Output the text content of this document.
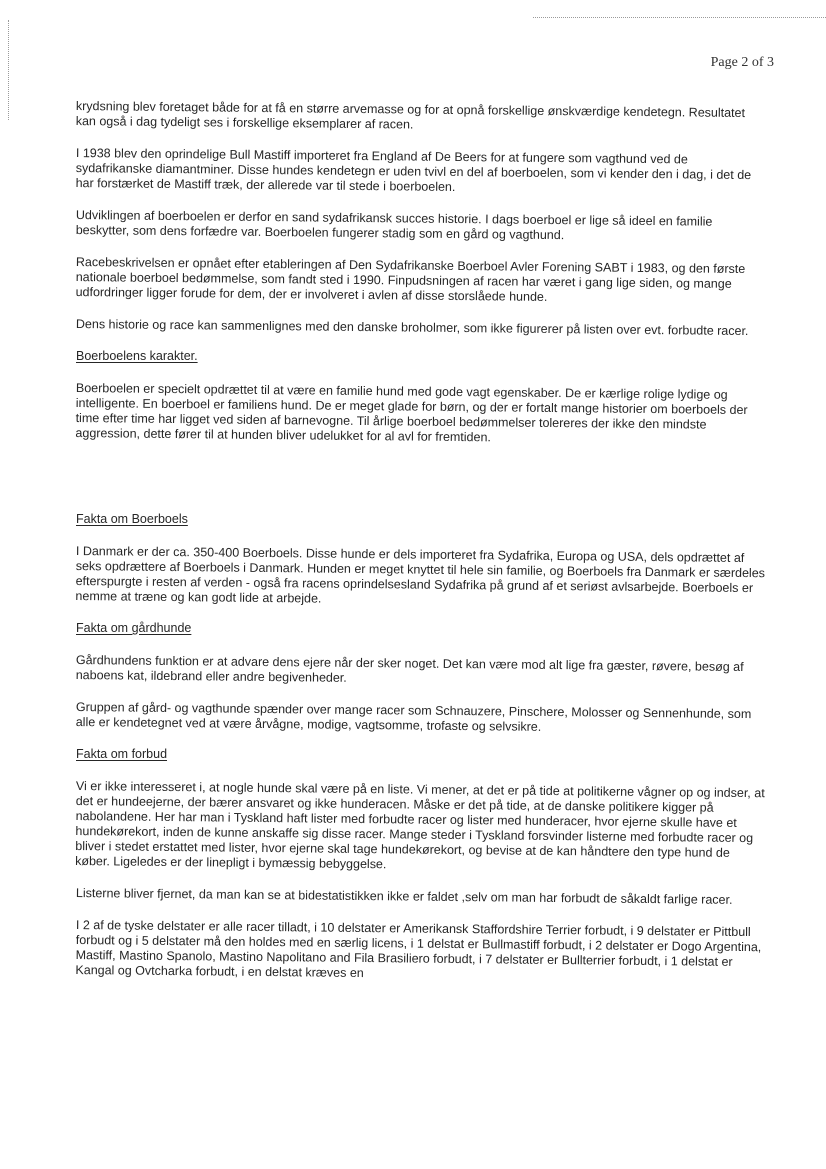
Page 2 of 3

krydsning blev foretaget både for at få en større arvemasse og for at opnå forskellige ønskværdige kendetegn. Resultatet kan også i dag tydeligt ses i forskellige eksemplarer af racen.

I 1938 blev den oprindelige Bull Mastiff importeret fra England af De Beers for at fungere som vagthund ved de sydafrikanske diamantminer. Disse hundes kendetegn er uden tvivl en del af boerboelen, som vi kender den i dag, i det de har forstærket de Mastiff træk, der allerede var til stede i boerboelen.

Udviklingen af boerboelen er derfor en sand sydafrikansk succes historie. I dags boerboel er lige så ideel en familie beskytter, som dens forfædre var. Boerboelen fungerer stadig som en gård og vagthund.

Racebeskrivelsen er opnået efter etableringen af Den Sydafrikanske Boerboel Avler Forening SABT i 1983, og den første nationale boerboel bedømmelse, som fandt sted i 1990. Finpudsningen af racen har været i gang lige siden, og mange udfordringer ligger forude for dem, der er involveret i avlen af disse storslåede hunde.

Dens historie og race kan sammenlignes med den danske broholmer, som ikke figurerer på listen over evt. forbudte racer.

Boerboelens karakter.

Boerboelen er specielt opdrættet til at være en familie hund med gode vagt egenskaber. De er kærlige rolige lydige og intelligente. En boerboel er familiens hund. De er meget glade for børn, og der er fortalt mange historier om boerboels der time efter time har ligget ved siden af barnevogne. Til årlige boerboel bedømmelser tolereres der ikke den mindste aggression, dette fører til at hunden bliver udelukket for al avl for fremtiden.

Fakta om Boerboels

I Danmark er der ca. 350-400 Boerboels. Disse hunde er dels importeret fra Sydafrika, Europa og USA, dels opdrættet af seks opdrættere af Boerboels i Danmark. Hunden er meget knyttet til hele sin familie, og Boerboels fra Danmark er særdeles efterspurgte i resten af verden - også fra racens oprindelsesland Sydafrika på grund af et seriøst avlsarbejde. Boerboels er nemme at træne og kan godt lide at arbejde.

Fakta om gårdhunde

Gårdhundens funktion er at advare dens ejere når der sker noget. Det kan være mod alt lige fra gæster, røvere, besøg af naboens kat, ildebrand eller andre begivenheder.

Gruppen af gård- og vagthunde spænder over mange racer som Schnauzere, Pinschere, Molosser og Sennenhunde, som alle er kendetegnet ved at være årvågne, modige, vagtsomme, trofaste og selvsikre.

Fakta om forbud

Vi er ikke interesseret i, at nogle hunde skal være på en liste. Vi mener, at det er på tide at politikerne vågner op og indser, at det er hundeejerne, der bærer ansvaret og ikke hunderacen. Måske er det på tide, at de danske politikere kigger på nabolandene. Her har man i Tyskland haft lister med forbudte racer og lister med hunderacer, hvor ejerne skulle have et hundekørekort, inden de kunne anskaffe sig disse racer. Mange steder i Tyskland forsvinder listerne med forbudte racer og bliver i stedet erstattet med lister, hvor ejerne skal tage hundekørekort, og bevise at de kan håndtere den type hund de køber. Ligeledes er der linepligt i bymæssig bebyggelse.

Listerne bliver fjernet, da man kan se at bidestatistikken ikke er faldet ,selv om man har forbudt de såkaldt farlige racer.

I 2 af de tyske delstater er alle racer tilladt, i 10 delstater er Amerikansk Staffordshire Terrier forbudt, i 9 delstater er Pittbull forbudt og i 5 delstater må den holdes med en særlig licens, i 1 delstat er Bullmastiff forbudt, i 2 delstater er Dogo Argentina, Mastiff, Mastino Spanolo, Mastino Napolitano and Fila Brasiliero forbudt, i 7 delstater er Bullterrier forbudt, i 1 delstat er Kangal og Ovtcharka forbudt, i en delstat kræves en
